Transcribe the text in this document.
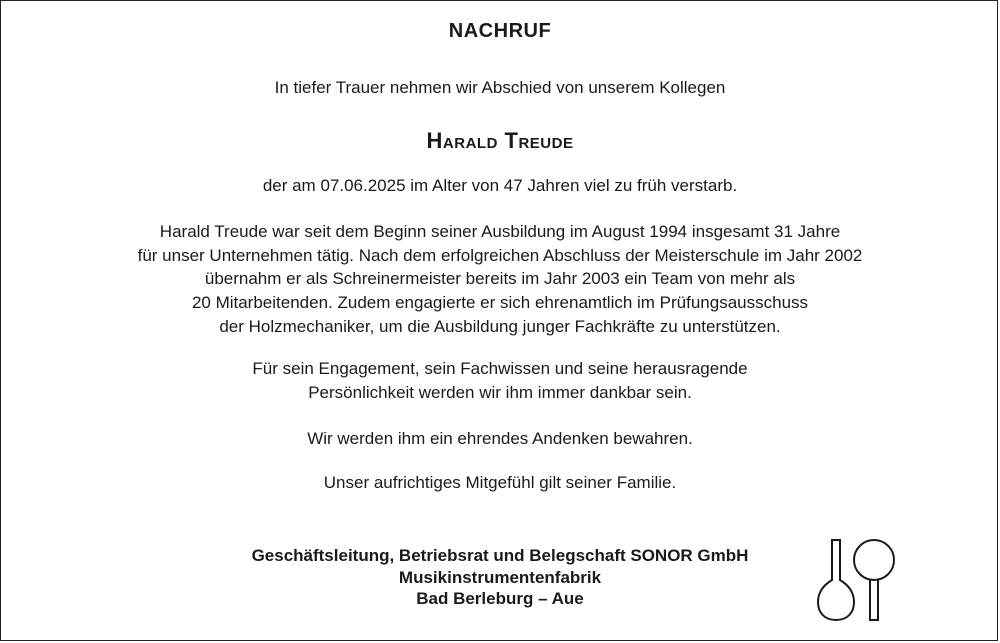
NACHRUF
In tiefer Trauer nehmen wir Abschied von unserem Kollegen
Harald Treude
der am 07.06.2025 im Alter von 47 Jahren viel zu früh verstarb.
Harald Treude war seit dem Beginn seiner Ausbildung im August 1994 insgesamt 31 Jahre
für unser Unternehmen tätig. Nach dem erfolgreichen Abschluss der Meisterschule im Jahr 2002
übernahm er als Schreinermeister bereits im Jahr 2003 ein Team von mehr als
20 Mitarbeitenden. Zudem engagierte er sich ehrenamtlich im Prüfungsausschuss
der Holzmechaniker, um die Ausbildung junger Fachkräfte zu unterstützen.
Für sein Engagement, sein Fachwissen und seine herausragende
Persönlichkeit werden wir ihm immer dankbar sein.
Wir werden ihm ein ehrendes Andenken bewahren.
Unser aufrichtiges Mitgefühl gilt seiner Familie.
Geschäftsleitung, Betriebsrat und Belegschaft SONOR GmbH
Musikinstrumentenfabrik
Bad Berleburg – Aue
